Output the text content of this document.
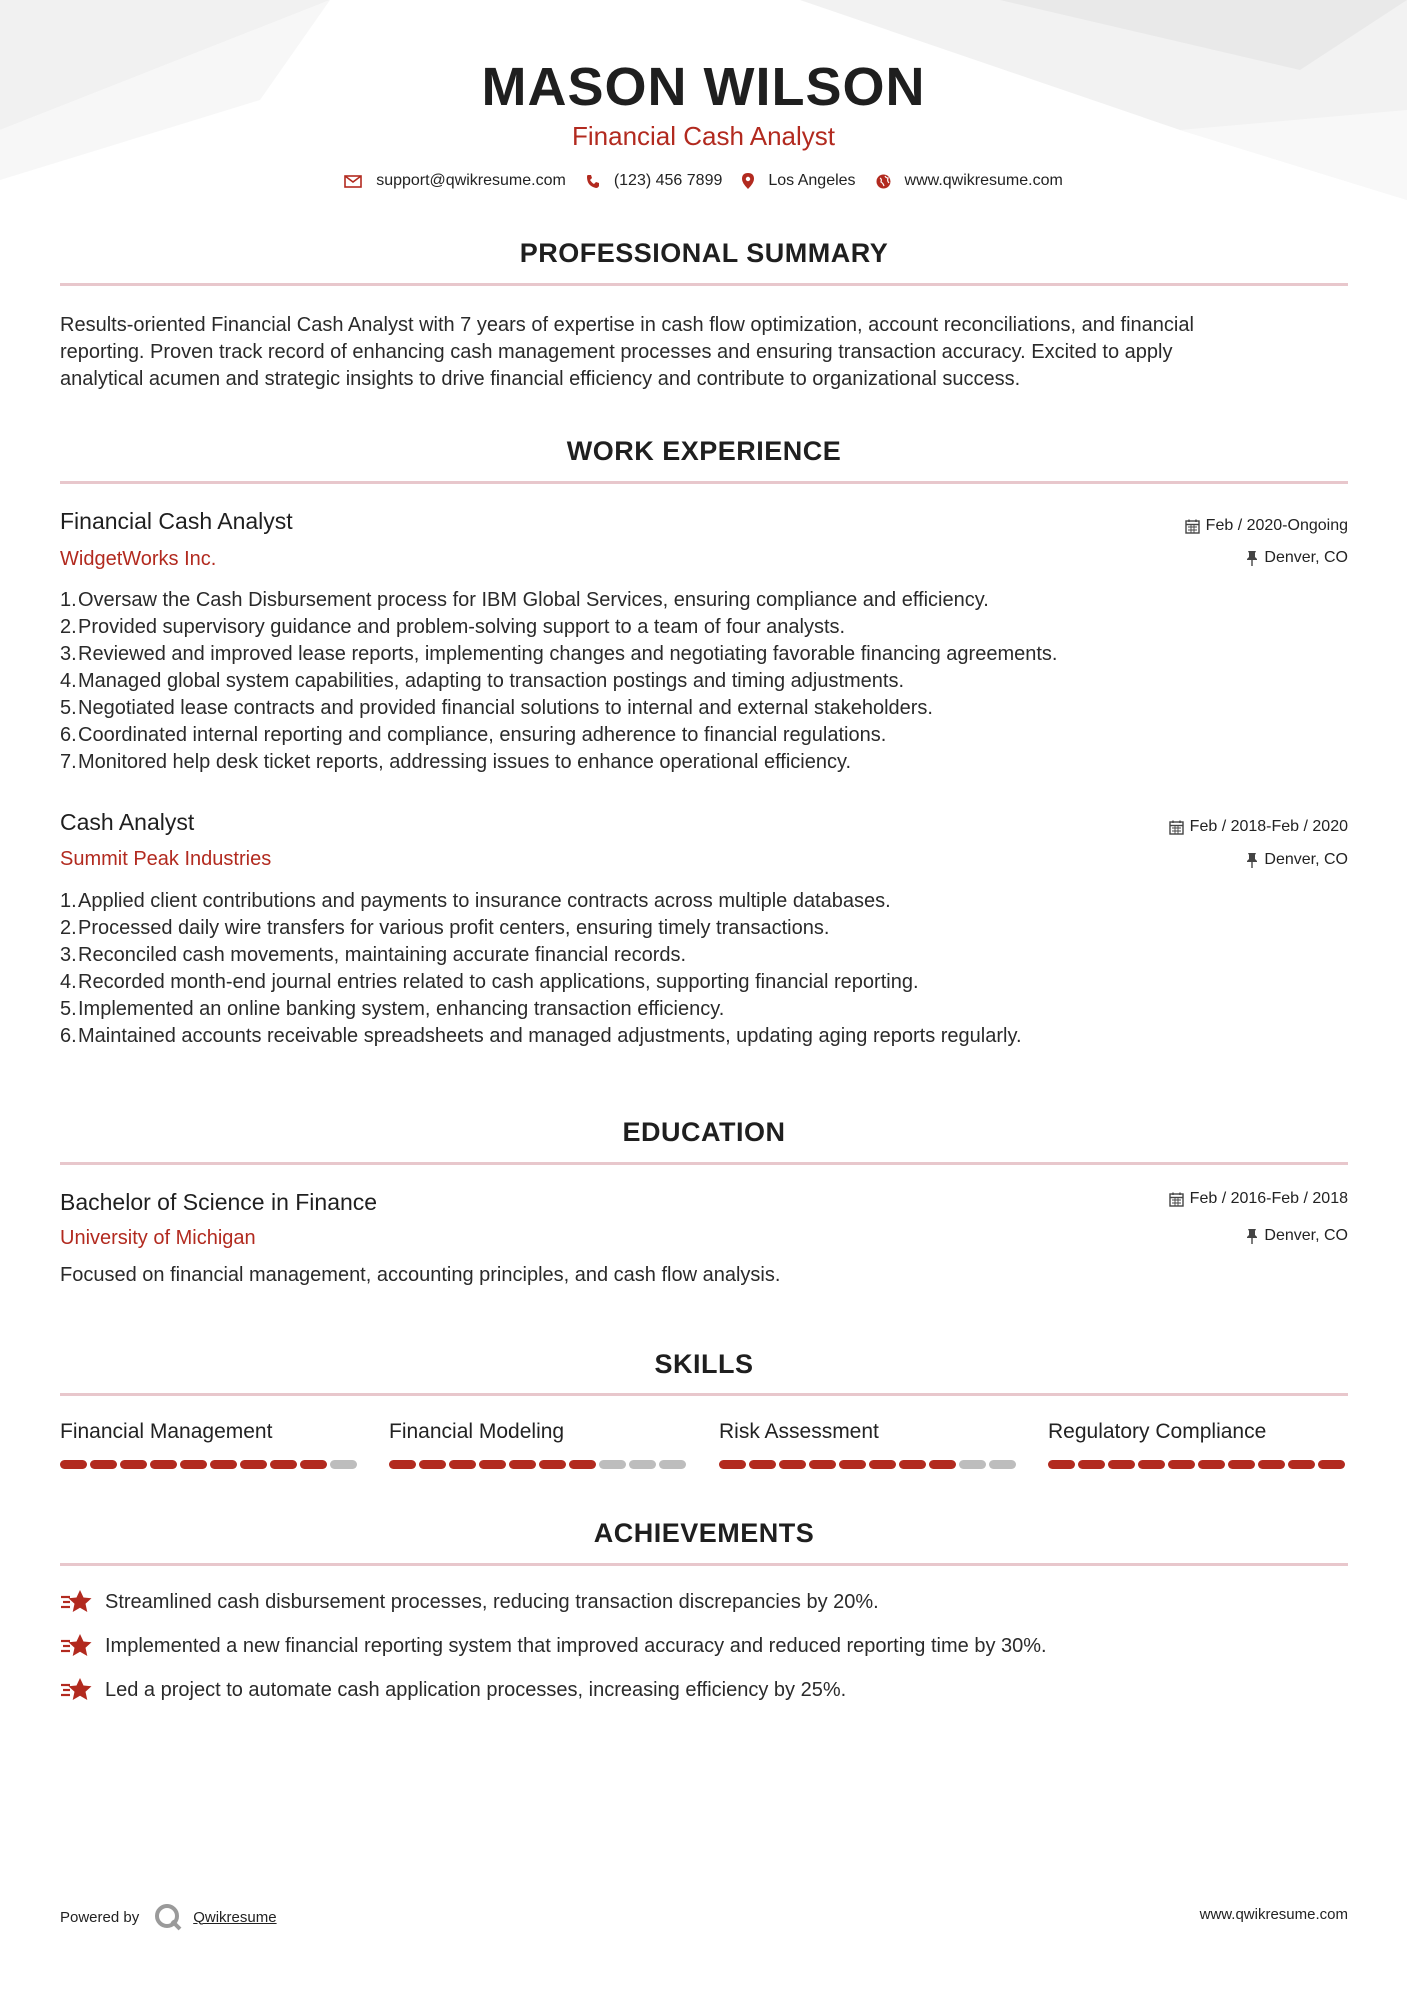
MASON WILSON
Financial Cash Analyst
support@qwikresume.com	(123) 456 7899	Los Angeles	www.qwikresume.com
PROFESSIONAL SUMMARY
Results-oriented Financial Cash Analyst with 7 years of expertise in cash flow optimization, account reconciliations, and financial
reporting. Proven track record of enhancing cash management processes and ensuring transaction accuracy. Excited to apply
analytical acumen and strategic insights to drive financial efficiency and contribute to organizational success.
WORK EXPERIENCE
Financial Cash Analyst	Feb / 2020-Ongoing
WidgetWorks Inc.	Denver, CO
1.Oversaw the Cash Disbursement process for IBM Global Services, ensuring compliance and efficiency.
2.Provided supervisory guidance and problem-solving support to a team of four analysts.
3.Reviewed and improved lease reports, implementing changes and negotiating favorable financing agreements.
4.Managed global system capabilities, adapting to transaction postings and timing adjustments.
5.Negotiated lease contracts and provided financial solutions to internal and external stakeholders.
6.Coordinated internal reporting and compliance, ensuring adherence to financial regulations.
7.Monitored help desk ticket reports, addressing issues to enhance operational efficiency.
Cash Analyst	Feb / 2018-Feb / 2020
Summit Peak Industries	Denver, CO
1.Applied client contributions and payments to insurance contracts across multiple databases.
2.Processed daily wire transfers for various profit centers, ensuring timely transactions.
3.Reconciled cash movements, maintaining accurate financial records.
4.Recorded month-end journal entries related to cash applications, supporting financial reporting.
5.Implemented an online banking system, enhancing transaction efficiency.
6.Maintained accounts receivable spreadsheets and managed adjustments, updating aging reports regularly.
EDUCATION
Bachelor of Science in Finance	Feb / 2016-Feb / 2018
University of Michigan	Denver, CO
Focused on financial management, accounting principles, and cash flow analysis.
SKILLS
Financial Management	Financial Modeling	Risk Assessment	Regulatory Compliance
ACHIEVEMENTS
Streamlined cash disbursement processes, reducing transaction discrepancies by 20%.
Implemented a new financial reporting system that improved accuracy and reduced reporting time by 30%.
Led a project to automate cash application processes, increasing efficiency by 25%.
Powered by	Qwikresume	www.qwikresume.com
